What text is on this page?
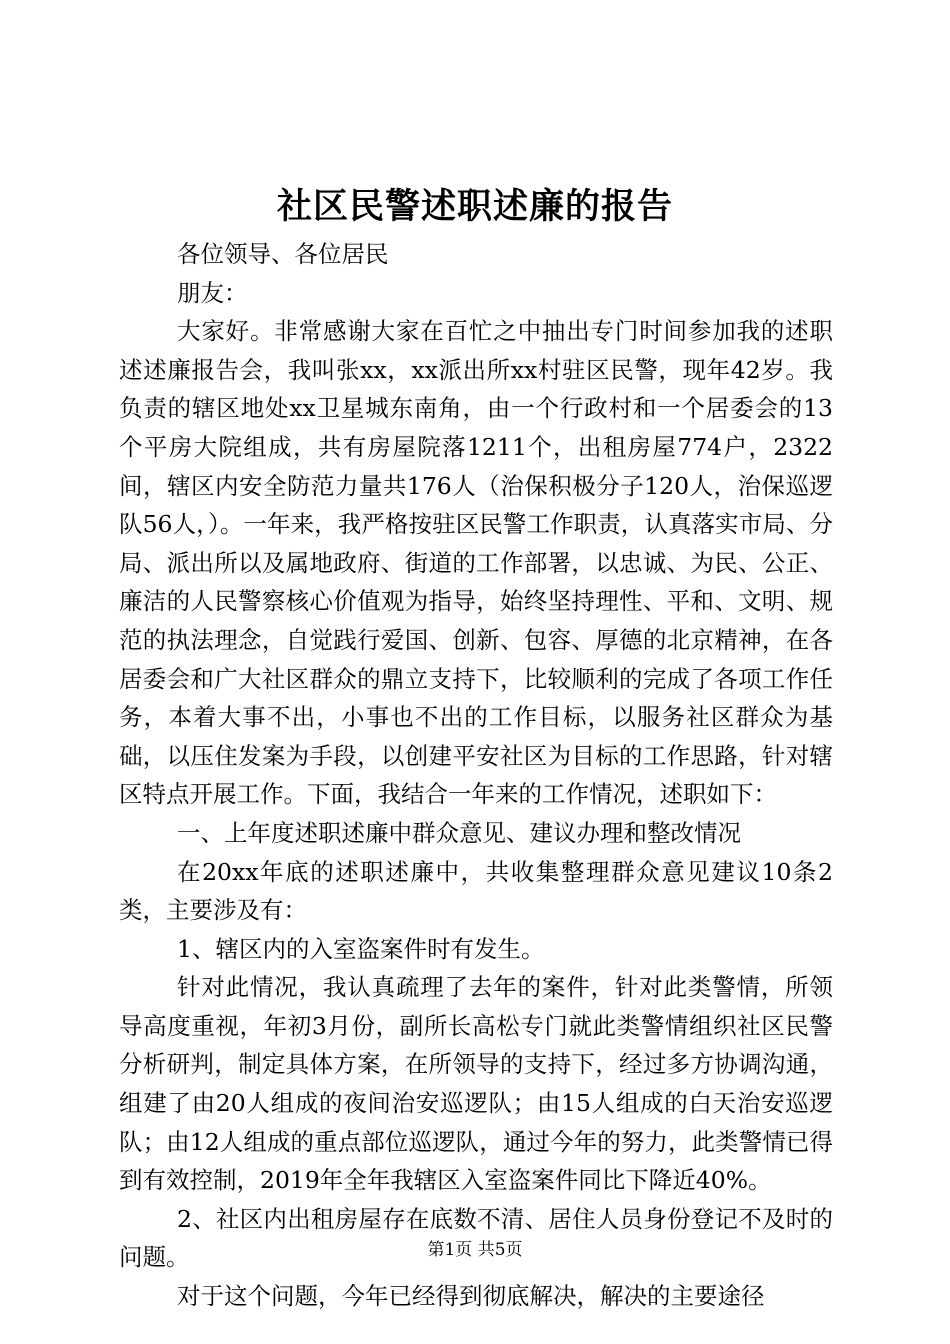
社区民警述职述廉的报告

各位领导、各位居民

朋友：

大家好。非常感谢大家在百忙之中抽出专门时间参加我的述职述述廉报告会，我叫张xx，xx派出所xx村驻区民警，现年42岁。我负责的辖区地处xx卫星城东南角，由一个行政村和一个居委会的13个平房大院组成，共有房屋院落1211个，出租房屋774户，2322间，辖区内安全防范力量共176人（治保积极分子120人，治保巡逻队56人，）。一年来，我严格按驻区民警工作职责，认真落实市局、分局、派出所以及属地政府、街道的工作部署，以忠诚、为民、公正、廉洁的人民警察核心价值观为指导，始终坚持理性、平和、文明、规范的执法理念，自觉践行爱国、创新、包容、厚德的北京精神，在各居委会和广大社区群众的鼎立支持下，比较顺利的完成了各项工作任务，本着大事不出，小事也不出的工作目标，以服务社区群众为基础，以压住发案为手段，以创建平安社区为目标的工作思路，针对辖区特点开展工作。下面，我结合一年来的工作情况，述职如下：

一、上年度述职述廉中群众意见、建议办理和整改情况

在20xx年底的述职述廉中，共收集整理群众意见建议10条2类，主要涉及有：

1、辖区内的入室盗案件时有发生。

针对此情况，我认真疏理了去年的案件，针对此类警情，所领导高度重视，年初3月份，副所长高松专门就此类警情组织社区民警分析研判，制定具体方案，在所领导的支持下，经过多方协调沟通，组建了由20人组成的夜间治安巡逻队；由15人组成的白天治安巡逻队；由12人组成的重点部位巡逻队，通过今年的努力，此类警情已得到有效控制，2019年全年我辖区入室盗案件同比下降近40%。

2、社区内出租房屋存在底数不清、居住人员身份登记不及时的问题。

对于这个问题，今年已经得到彻底解决，解决的主要途径

第1页 共5页
